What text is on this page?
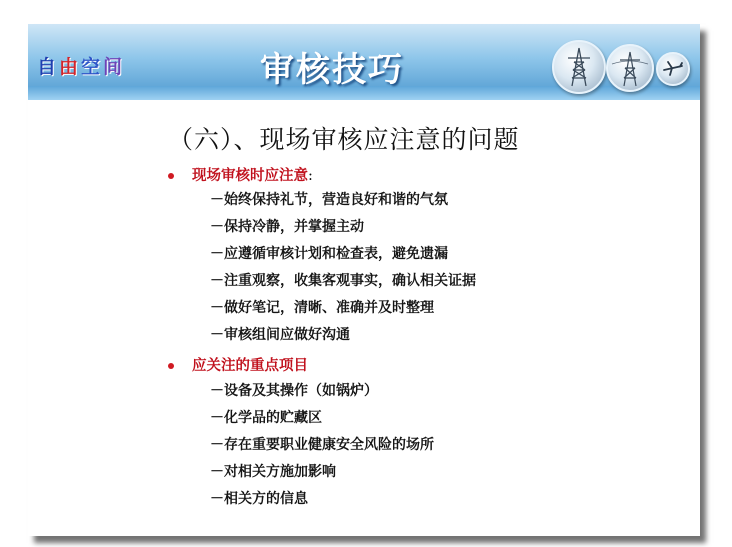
自 由 空 间	审核技巧
（六）、现场审核应注意的问题
现场审核时应注意:
－始终保持礼节，营造良好和谐的气氛
－保持冷静，并掌握主动
－应遵循审核计划和检查表，避免遗漏
－注重观察，收集客观事实，确认相关证据
－做好笔记，清晰、准确并及时整理
－审核组间应做好沟通
应关注的重点项目
－设备及其操作（如锅炉）
－化学品的贮藏区
－存在重要职业健康安全风险的场所
－对相关方施加影响
－相关方的信息
